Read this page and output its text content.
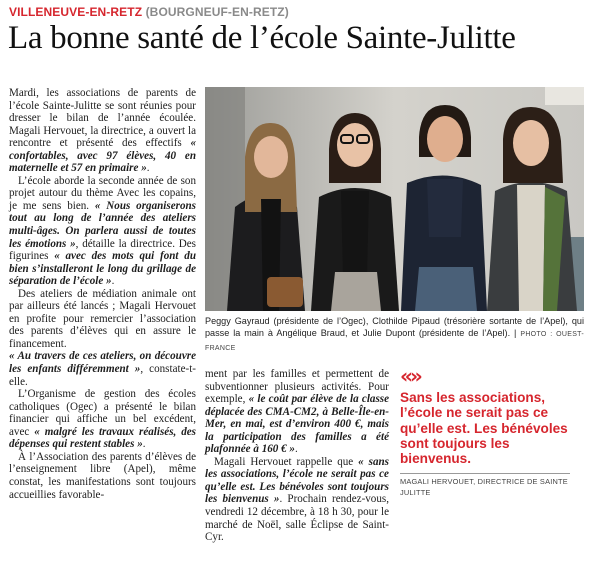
VILLENEUVE-EN-RETZ (BOURGNEUF-EN-RETZ)
La bonne santé de l’école Sainte-Julitte

Mardi, les associations de parents de l’école Sainte-Julitte se sont réunies pour dresser le bilan de l’année écoulée. Magali Hervouet, la directrice, a ouvert la rencontre et présenté des effectifs « confortables, avec 97 élèves, 40 en maternelle et 57 en primaire ».

L’école aborde la seconde année de son projet autour du thème Avec les copains, je me sens bien. « Nous organiserons tout au long de l’année des ateliers multi-âges. On parlera aussi de toutes les émotions », détaille la directrice. Des figurines « avec des mots qui font du bien s’installeront le long du grillage de séparation de l’école ».

Des ateliers de médiation animale ont par ailleurs été lancés ; Magali Hervouet en profite pour remercier l’association des parents d’élèves qui en assure le financement.

« Au travers de ces ateliers, on découvre les enfants différemment », constate-t-elle.

L’Organisme de gestion des écoles catholiques (Ogec) a présenté le bilan financier qui affiche un bel excédent, avec « malgré les travaux réalisés, des dépenses qui restent stables ».

À l’Association des parents d’élèves de l’enseignement libre (Apel), même constat, les manifestations sont toujours accueillies favorable-

Peggy Gayraud (présidente de l’Ogec), Clothilde Pipaud (trésorière sortante de l’Apel), qui passe la main à Angélique Braud, et Julie Dupont (présidente de l’Apel). | PHOTO : OUEST-FRANCE

ment par les familles et permettent de subventionner plusieurs activités. Pour exemple, « le coût par élève de la classe déplacée des CMA-CM2, à Belle-Île-en-Mer, en mai, est d’environ 400 €, mais la participation des familles a été plafonnée à 160 € ».

Magali Hervouet rappelle que « sans les associations, l’école ne serait pas ce qu’elle est. Les bénévoles sont toujours les bienvenus ». Prochain rendez-vous, vendredi 12 décembre, à 18 h 30, pour le marché de Noël, salle Éclipse de Saint-Cyr.

«»

Sans les associations, l’école ne serait pas ce qu’elle est. Les bénévoles sont toujours les bienvenus.

MAGALI HERVOUET, DIRECTRICE DE SAINTE JULITTE
